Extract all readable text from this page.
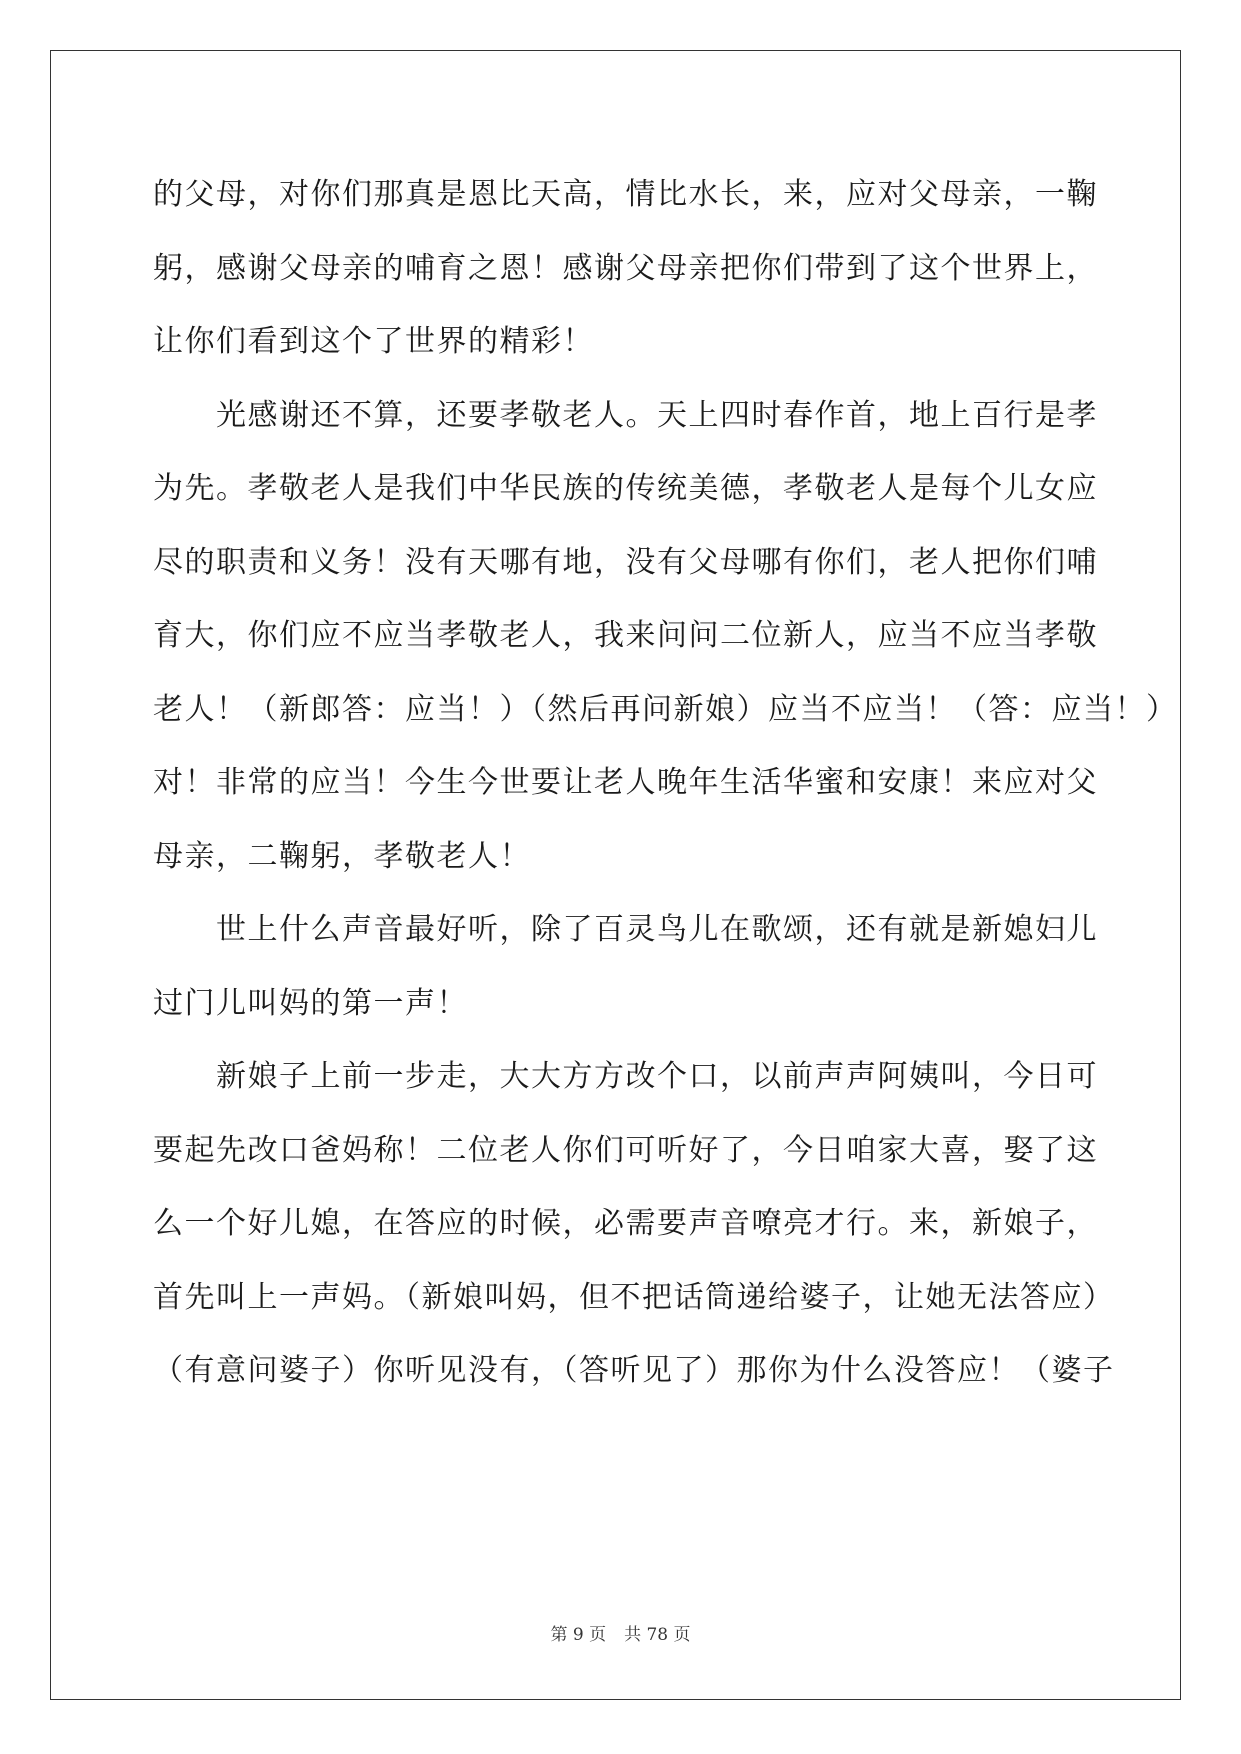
的父母，对你们那真是恩比天高，情比水长，来，应对父母亲，一鞠
躬，感谢父母亲的哺育之恩！感谢父母亲把你们带到了这个世界上，
让你们看到这个了世界的精彩！
光感谢还不算，还要孝敬老人。天上四时春作首，地上百行是孝
为先。孝敬老人是我们中华民族的传统美德，孝敬老人是每个儿女应
尽的职责和义务！没有天哪有地，没有父母哪有你们，老人把你们哺
育大，你们应不应当孝敬老人，我来问问二位新人，应当不应当孝敬
老人！（新郎答：应当！）（然后再问新娘）应当不应当！（答：应当！）
对！非常的应当！今生今世要让老人晚年生活华蜜和安康！来应对父
母亲，二鞠躬，孝敬老人！
世上什么声音最好听，除了百灵鸟儿在歌颂，还有就是新媳妇儿
过门儿叫妈的第一声！
新娘子上前一步走，大大方方改个口，以前声声阿姨叫，今日可
要起先改口爸妈称！二位老人你们可听好了，今日咱家大喜，娶了这
么一个好儿媳，在答应的时候，必需要声音嘹亮才行。来，新娘子，
首先叫上一声妈。（新娘叫妈，但不把话筒递给婆子，让她无法答应）
（有意问婆子）你听见没有，（答听见了）那你为什么没答应！（婆子
第 9 页 共 78 页
